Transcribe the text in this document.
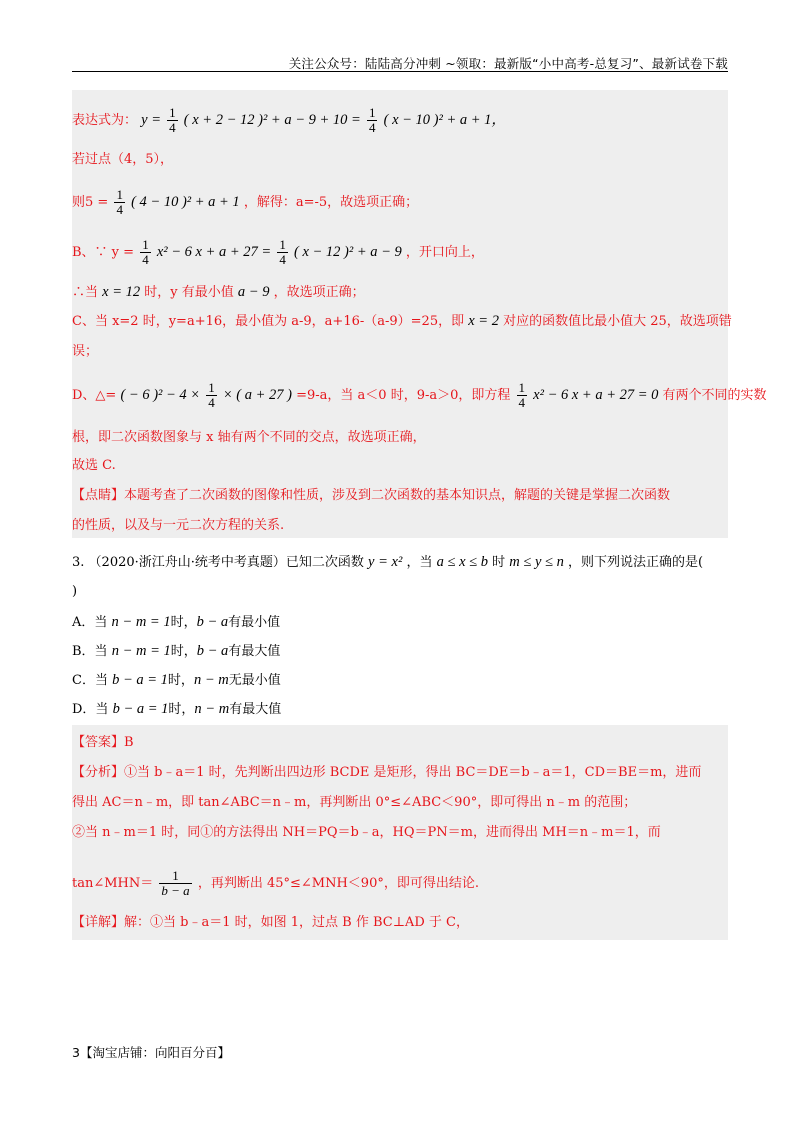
关注公众号：陆陆高分冲刺 ~领取：最新版“小中高考-总复习”、最新试卷下载
表达式为： $y = \frac{1}{4}$ ( x + 2 − 12 )$^2 + a - 9 + 10 = \frac{1}{4}$ ( x − 10 )² + a + 1，
若过点（4，5），
则$5 = \frac{1}{4}$ ( 4 − 10 )² + a + 1 ，解得：a=-5，故选项正确；
B、∵ $y = \frac{1}{4} x^2 - 6$ $x + a + 27 = \frac{1}{4}$ ( x − 12 )² + a − 9 ，开口向上，
∴当 x = 12 时，y 有最小值 a − 9 ，故选项正确；
C、当 x=2 时，y=a+16，最小值为 a-9，a+16-（a-9）=25，即 x = 2 对应的函数值比最小值大 25，故选项错
误；
D、△= ( − 6 )$^2 - 4 \times \frac{1}{4}$ × ( a + 27 ) =9-a，当 a＜0 时，9-a＞0，即方程 $\frac{1}{4} x^2 - 6$ x + a + 27 = 0 有两个不同的实数
根，即二次函数图象与 x 轴有两个不同的交点，故选项正确，
故选 C.
【点睛】本题考查了二次函数的图像和性质，涉及到二次函数的基本知识点，解题的关键是掌握二次函数
的性质，以及与一元二次方程的关系.
3. （2020·浙江舟山·统考中考真题）已知二次函数 y = x² ，当 a ≤ x ≤ b 时 m ≤ y ≤ n ，则下列说法正确的是(
)
A．当 n − m = 1时，b − a有最小值
B．当 n − m = 1时，b − a有最大值
C．当 b − a = 1时，n − m无最小值
D．当 b − a = 1时，n − m有最大值
【答案】B
【分析】①当 b﹣a＝1 时，先判断出四边形 BCDE 是矩形，得出 BC＝DE＝b﹣a＝1，CD＝BE＝m，进而
得出 AC＝n﹣m，即 tan∠ABC＝n﹣m，再判断出 0°≤∠ABC＜90°，即可得出 n﹣m 的范围；
②当 n﹣m＝1 时，同①的方法得出 NH＝PQ＝b﹣a，HQ＝PN＝m，进而得出 MH＝n﹣m＝1，而
tan∠MHN＝ $\frac{1}{b - a}$ ，再判断出 45°≤∠MNH＜90°，即可得出结论.
【详解】解：①当 b﹣a＝1 时，如图 1，过点 B 作 BC⊥AD 于 C，
3【淘宝店铺：向阳百分百】
